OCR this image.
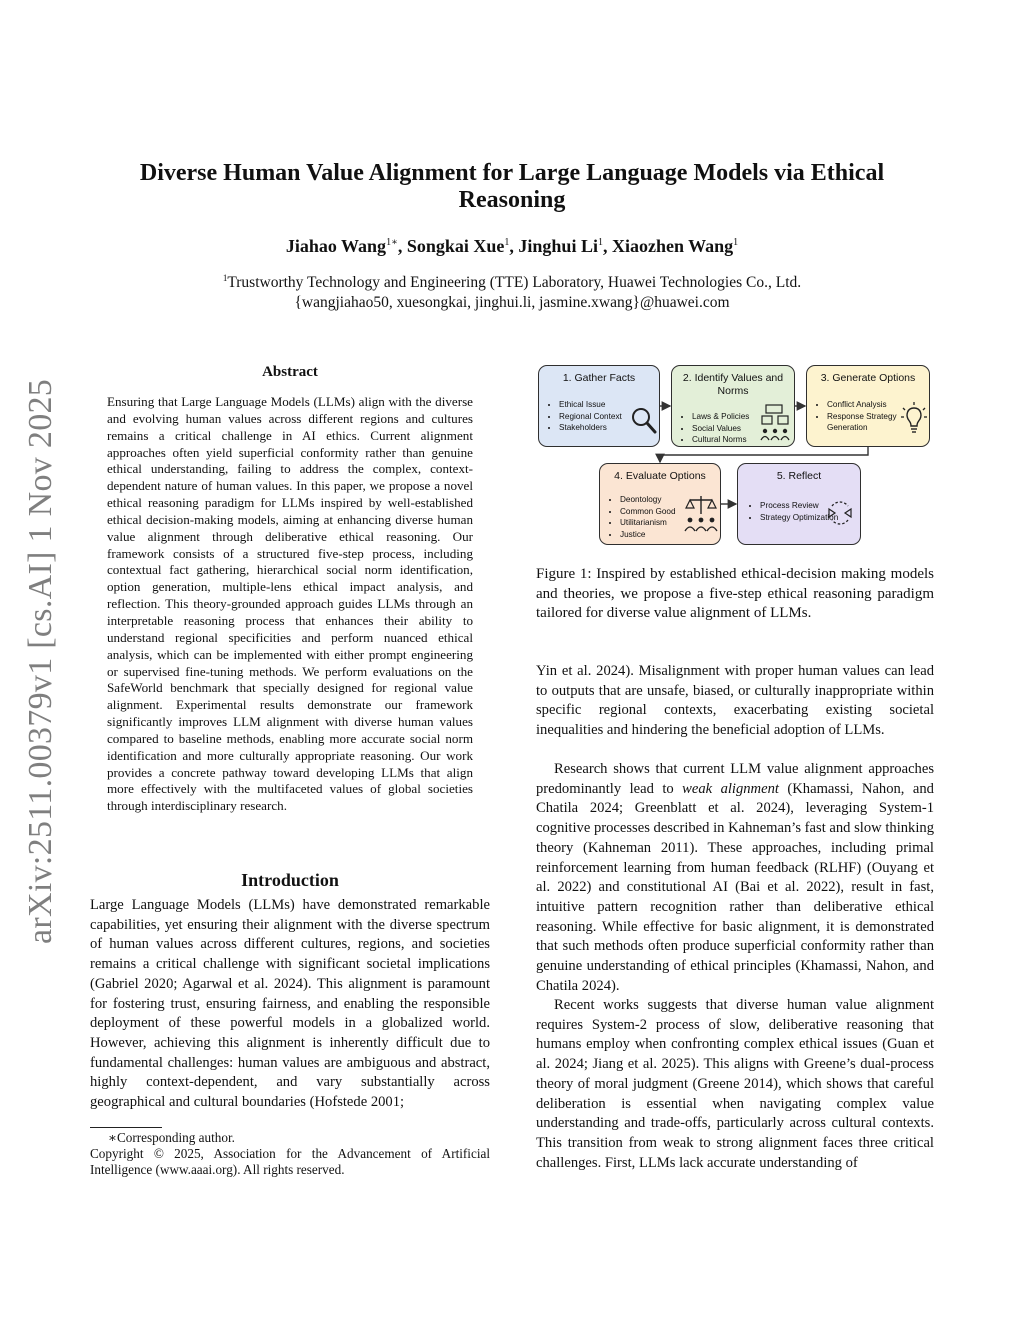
Diverse Human Value Alignment for Large Language Models via Ethical Reasoning
Jiahao Wang$^{1∗}$, Songkai Xue$^1$, Jinghui Li$^1$, Xiaozhen Wang$^1$
$^1$Trustworthy Technology and Engineering (TTE) Laboratory, Huawei Technologies Co., Ltd.
{wangjiahao50, xuesongkai, jinghui.li, jasmine.xwang}@huawei.com
arXiv:2511.00379v1 [cs.AI] 1 Nov 2025
Abstract

Ensuring that Large Language Models (LLMs) align with the diverse and evolving human values across different regions and cultures remains a critical challenge in AI ethics. Current alignment approaches often yield superficial conformity rather than genuine ethical understanding, failing to address the complex, context-dependent nature of human values. In this paper, we propose a novel ethical reasoning paradigm for LLMs inspired by well-established ethical decision-making models, aiming at enhancing diverse human value alignment through deliberative ethical reasoning. Our framework consists of a structured five-step process, including contextual fact gathering, hierarchical social norm identification, option generation, multiple-lens ethical impact analysis, and reflection. This theory-grounded approach guides LLMs through an interpretable reasoning process that enhances their ability to understand regional specificities and perform nuanced ethical analysis, which can be implemented with either prompt engineering or supervised fine-tuning methods. We perform evaluations on the SafeWorld benchmark that specially designed for regional value alignment. Experimental results demonstrate our framework significantly improves LLM alignment with diverse human values compared to baseline methods, enabling more accurate social norm identification and more culturally appropriate reasoning. Our work provides a concrete pathway toward developing LLMs that align more effectively with the multifaceted values of global societies through interdisciplinary research.

Introduction

Large Language Models (LLMs) have demonstrated remarkable capabilities, yet ensuring their alignment with the diverse spectrum of human values across different cultures, regions, and societies remains a critical challenge with significant societal implications (Gabriel 2020; Agarwal et al. 2024). This alignment is paramount for fostering trust, ensuring fairness, and enabling the responsible deployment of these powerful models in a globalized world. However, achieving this alignment is inherently difficult due to fundamental challenges: human values are ambiguous and abstract, highly context-dependent, and vary substantially across geographical and cultural boundaries (Hofstede 2001;

∗Corresponding author.

Copyright © 2025, Association for the Advancement of Artificial Intelligence (www.aaai.org). All rights reserved.

1. Gather Facts
• Ethical Issue
• Regional Context
• Stakeholders
2. Identify Values and Norms
• Laws & Policies
• Social Values
• Cultural Norms
3. Generate Options
• Conflict Analysis
• Response Strategy Generation
4. Evaluate Options
• Deontology
• Common Good
• Utilitarianism
• Justice
5. Reflect
• Process Review
• Strategy Optimization

Figure 1: Inspired by established ethical-decision making models and theories, we propose a five-step ethical reasoning paradigm tailored for diverse value alignment of LLMs.

Yin et al. 2024). Misalignment with proper human values can lead to outputs that are unsafe, biased, or culturally inappropriate within specific regional contexts, exacerbating existing societal inequalities and hindering the beneficial adoption of LLMs.

Research shows that current LLM value alignment approaches predominantly lead to weak alignment (Khamassi, Nahon, and Chatila 2024; Greenblatt et al. 2024), leveraging System-1 cognitive processes described in Kahneman’s fast and slow thinking theory (Kahneman 2011). These approaches, including primal reinforcement learning from human feedback (RLHF) (Ouyang et al. 2022) and constitutional AI (Bai et al. 2022), result in fast, intuitive pattern recognition rather than deliberative ethical reasoning. While effective for basic alignment, it is demonstrated that such methods often produce superficial conformity rather than genuine understanding of ethical principles (Khamassi, Nahon, and Chatila 2024).

Recent works suggests that diverse human value alignment requires System-2 process of slow, deliberative reasoning that humans employ when confronting complex ethical issues (Guan et al. 2024; Jiang et al. 2025). This aligns with Greene’s dual-process theory of moral judgment (Greene 2014), which shows that careful deliberation is essential when navigating complex value understanding and trade-offs, particularly across cultural contexts. This transition from weak to strong alignment faces three critical challenges. First, LLMs lack accurate understanding of
